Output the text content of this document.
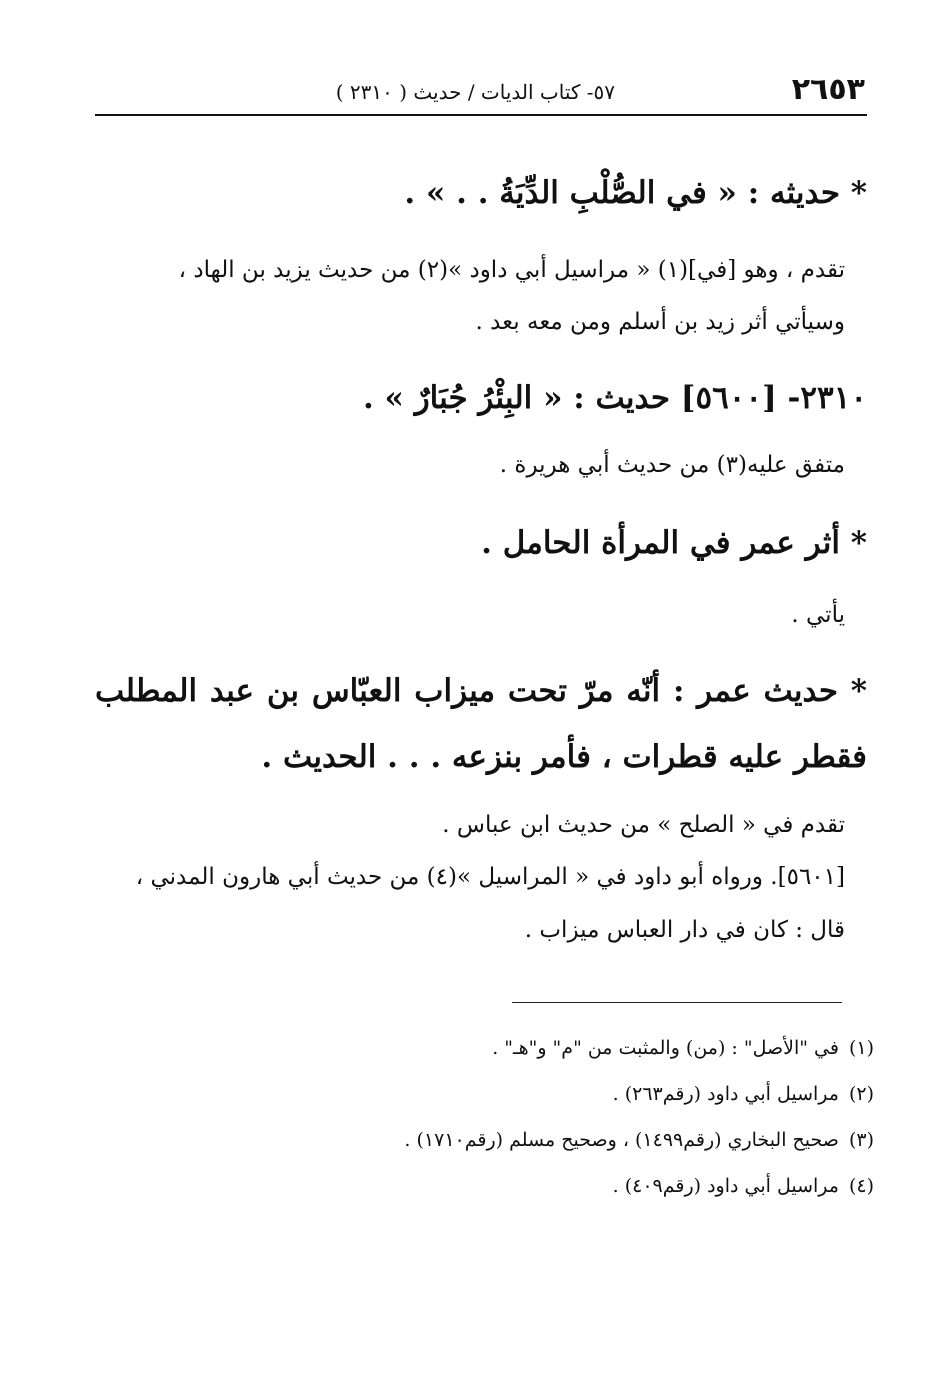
٢٦٥٣
٥٧- كتاب الديات / حديث ( ٢٣١٠ )
* حديثه : « في الصُّلْبِ الدِّيَةُ . . » .
تقدم ، وهو [في](١) « مراسيل أبي داود »(٢) من حديث يزيد بن الهاد ،
وسيأتي أثر زيد بن أسلم ومن معه بعد .
٢٣١٠- [٥٦٠٠] حديث : « البِئْرُ جُبَارٌ » .
متفق عليه(٣) من حديث أبي هريرة .
* أثر عمر في المرأة الحامل .
يأتي .
* حديث عمر : أنّه مرّ تحت ميزاب العبّاس بن عبد المطلب فقطر عليه قطرات ، فأمر بنزعه . . . الحديث .
تقدم في « الصلح » من حديث ابن عباس .
[٥٦٠١]. ورواه أبو داود في « المراسيل »(٤) من حديث أبي هارون المدني ،
قال : كان في دار العباس ميزاب .
(١)في "الأصل" : (من) والمثبت من "م" و"هـ" .
(٢)مراسيل أبي داود (رقم٢٦٣) .
(٣)صحيح البخاري (رقم١٤٩٩) ، وصحيح مسلم (رقم١٧١٠) .
(٤)مراسيل أبي داود (رقم٤٠٩) .
